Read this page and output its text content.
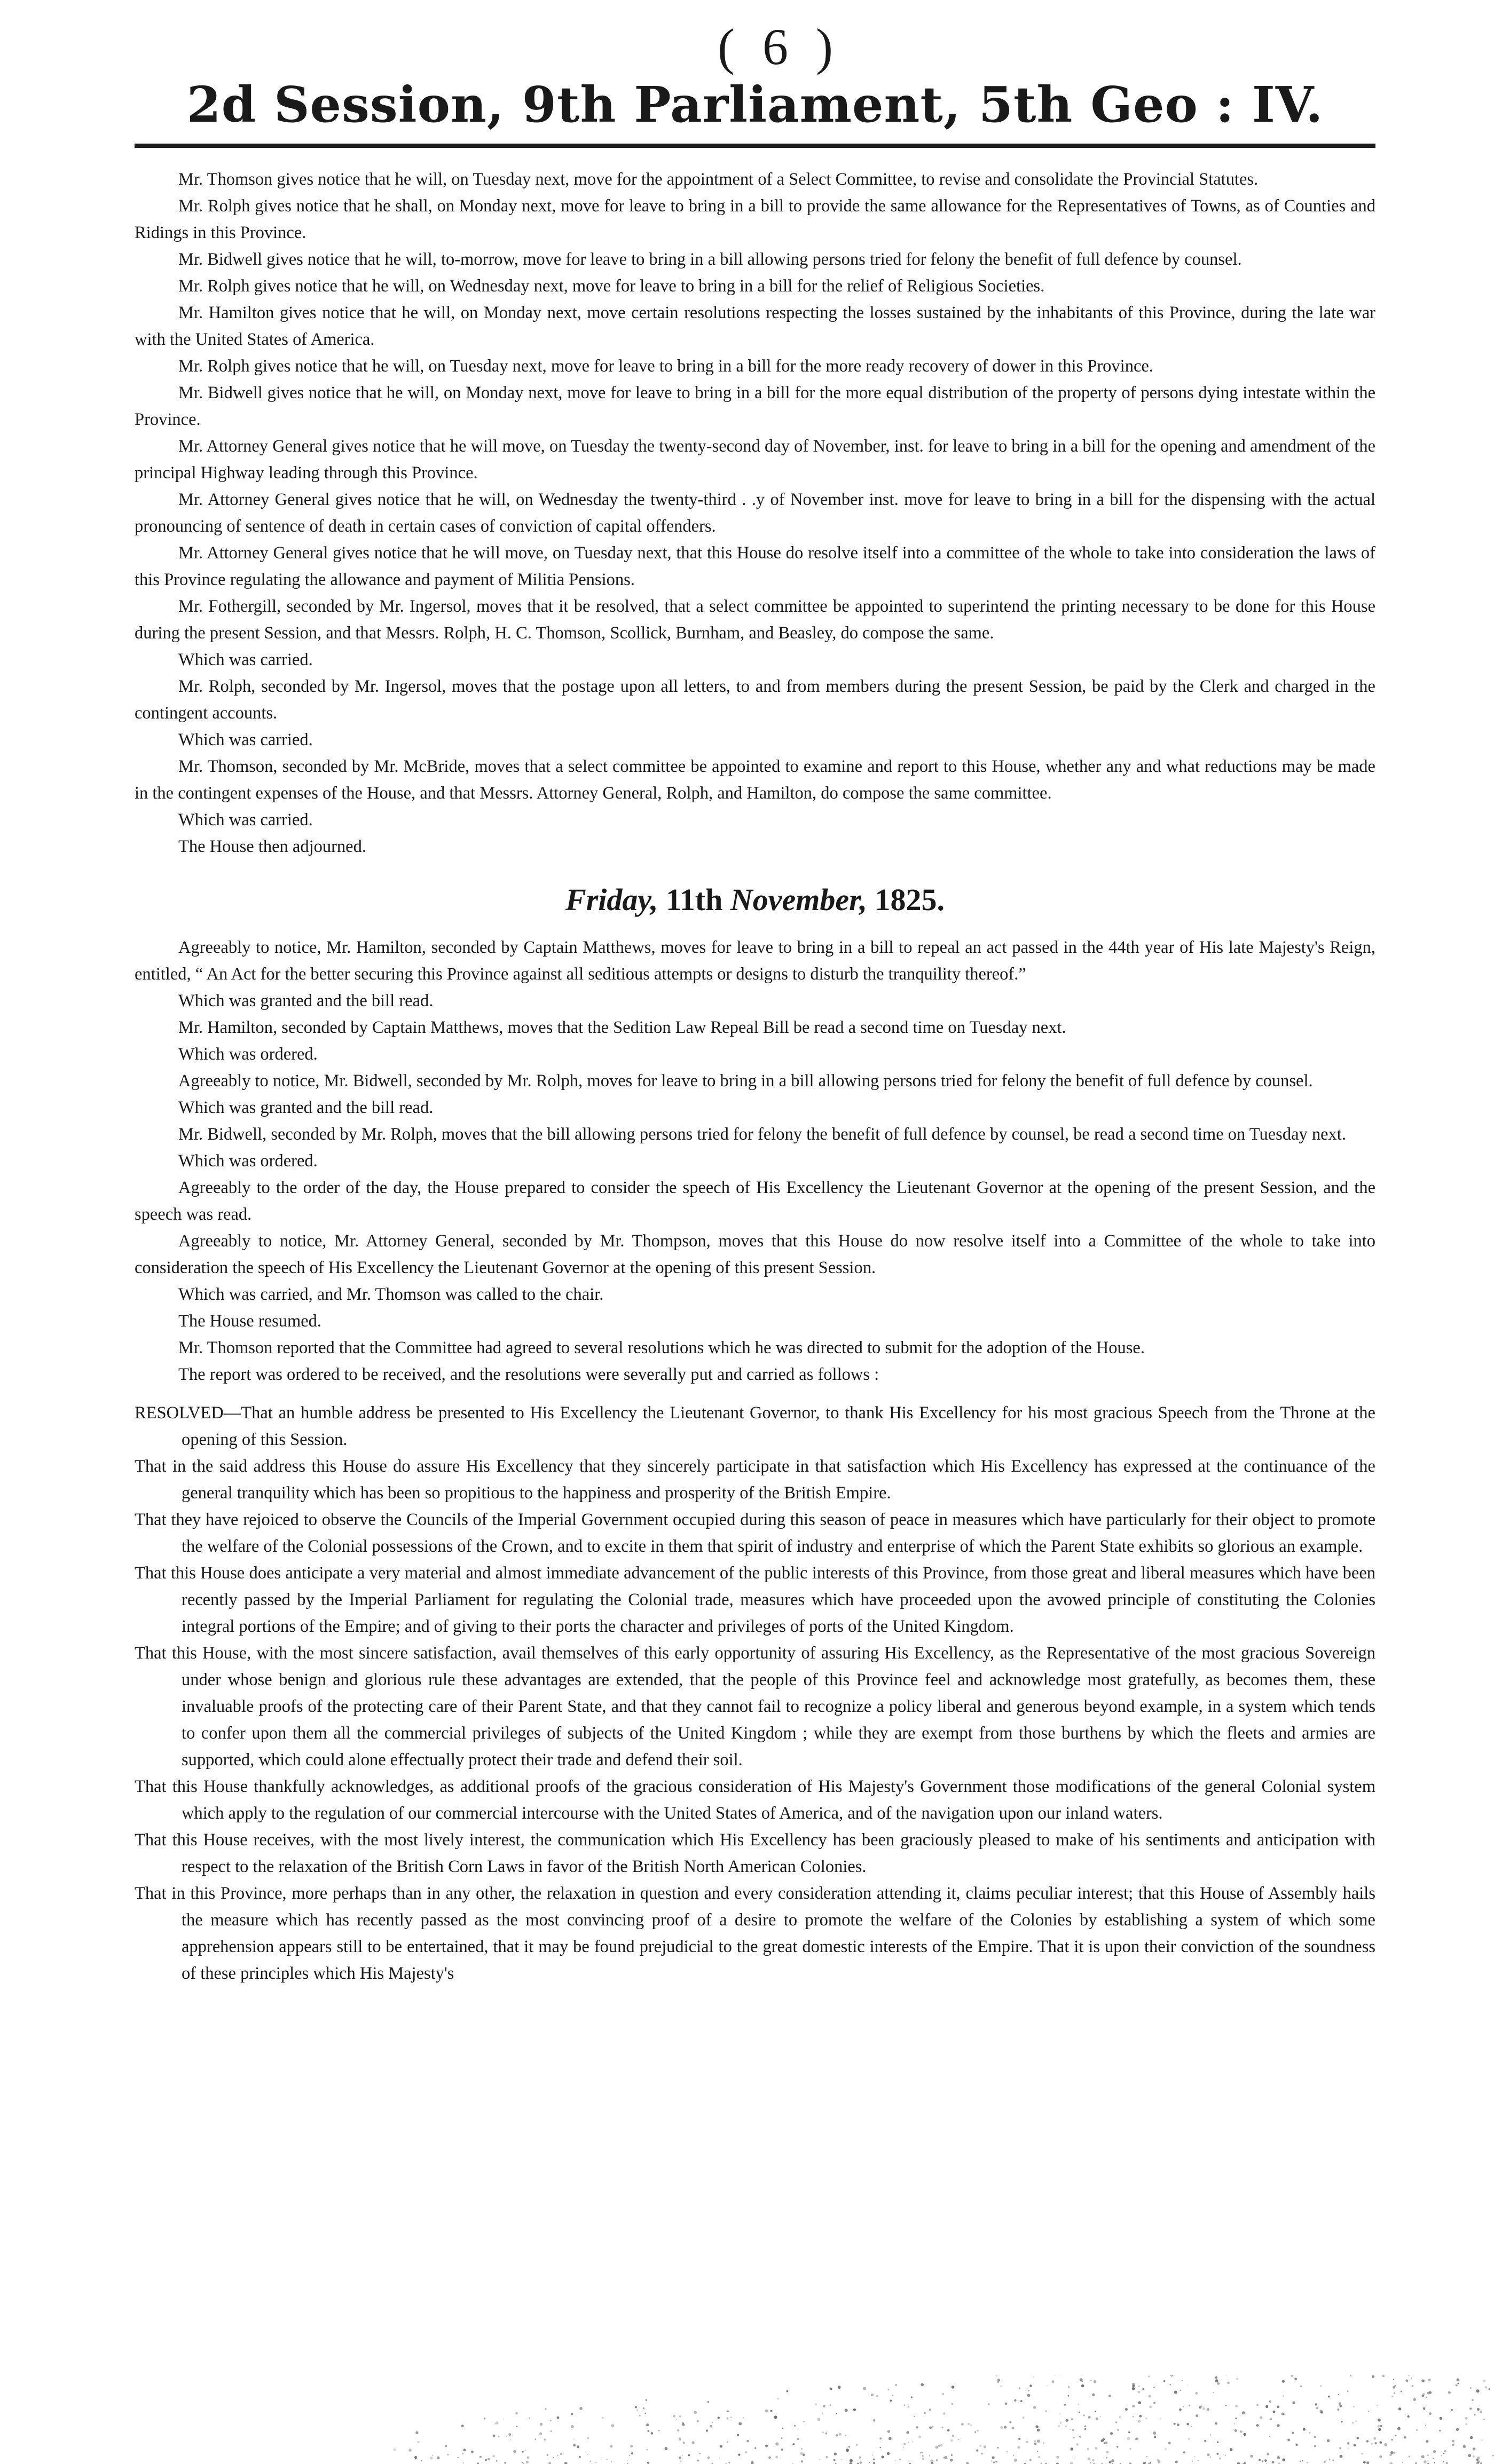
( 6 )
2d Session, 9th Parliament, 5th Geo : IV.

Mr. Thomson gives notice that he will, on Tuesday next, move for the appointment of a Select Committee, to revise and consolidate the Provincial Statutes.

Mr. Rolph gives notice that he shall, on Monday next, move for leave to bring in a bill to provide the same allowance for the Representatives of Towns, as of Counties and Ridings in this Province.

Mr. Bidwell gives notice that he will, to-morrow, move for leave to bring in a bill allowing persons tried for felony the benefit of full defence by counsel.

Mr. Rolph gives notice that he will, on Wednesday next, move for leave to bring in a bill for the relief of Religious Societies.

Mr. Hamilton gives notice that he will, on Monday next, move certain resolutions respecting the losses sustained by the inhabitants of this Province, during the late war with the United States of America.

Mr. Rolph gives notice that he will, on Tuesday next, move for leave to bring in a bill for the more ready recovery of dower in this Province.

Mr. Bidwell gives notice that he will, on Monday next, move for leave to bring in a bill for the more equal distribution of the property of persons dying intestate within the Province.

Mr. Attorney General gives notice that he will move, on Tuesday the twenty-second day of November, inst. for leave to bring in a bill for the opening and amendment of the principal Highway leading through this Province.

Mr. Attorney General gives notice that he will, on Wednesday the twenty-third . .y of November inst. move for leave to bring in a bill for the dispensing with the actual pronouncing of sentence of death in certain cases of conviction of capital offenders.

Mr. Attorney General gives notice that he will move, on Tuesday next, that this House do resolve itself into a committee of the whole to take into consideration the laws of this Province regulating the allowance and payment of Militia Pensions.

Mr. Fothergill, seconded by Mr. Ingersol, moves that it be resolved, that a select committee be appointed to superintend the printing necessary to be done for this House during the present Session, and that Messrs. Rolph, H. C. Thomson, Scollick, Burnham, and Beasley, do compose the same.

Which was carried.

Mr. Rolph, seconded by Mr. Ingersol, moves that the postage upon all letters, to and from members during the present Session, be paid by the Clerk and charged in the contingent accounts.

Which was carried.

Mr. Thomson, seconded by Mr. McBride, moves that a select committee be appointed to examine and report to this House, whether any and what reductions may be made in the contingent expenses of the House, and that Messrs. Attorney General, Rolph, and Hamilton, do compose the same committee.

Which was carried.

The House then adjourned.

Friday, 11th November, 1825.

Agreeably to notice, Mr. Hamilton, seconded by Captain Matthews, moves for leave to bring in a bill to repeal an act passed in the 44th year of His late Majesty's Reign, entitled, “ An Act for the better securing this Province against all seditious attempts or designs to disturb the tranquility thereof.”

Which was granted and the bill read.

Mr. Hamilton, seconded by Captain Matthews, moves that the Sedition Law Repeal Bill be read a second time on Tuesday next.

Which was ordered.

Agreeably to notice, Mr. Bidwell, seconded by Mr. Rolph, moves for leave to bring in a bill allowing persons tried for felony the benefit of full defence by counsel.

Which was granted and the bill read.

Mr. Bidwell, seconded by Mr. Rolph, moves that the bill allowing persons tried for felony the benefit of full defence by counsel, be read a second time on Tuesday next.

Which was ordered.

Agreeably to the order of the day, the House prepared to consider the speech of His Excellency the Lieutenant Governor at the opening of the present Session, and the speech was read.

Agreeably to notice, Mr. Attorney General, seconded by Mr. Thompson, moves that this House do now resolve itself into a Committee of the whole to take into consideration the speech of His Excellency the Lieutenant Governor at the opening of this present Session.

Which was carried, and Mr. Thomson was called to the chair.

The House resumed.

Mr. Thomson reported that the Committee had agreed to several resolutions which he was directed to submit for the adoption of the House.

The report was ordered to be received, and the resolutions were severally put and carried as follows :

RESOLVED—That an humble address be presented to His Excellency the Lieutenant Governor, to thank His Excellency for his most gracious Speech from the Throne at the opening of this Session.

That in the said address this House do assure His Excellency that they sincerely participate in that satisfaction which His Excellency has expressed at the continuance of the general tranquility which has been so propitious to the happiness and prosperity of the British Empire.

That they have rejoiced to observe the Councils of the Imperial Government occupied during this season of peace in measures which have particularly for their object to promote the welfare of the Colonial possessions of the Crown, and to excite in them that spirit of industry and enterprise of which the Parent State exhibits so glorious an example.

That this House does anticipate a very material and almost immediate advancement of the public interests of this Province, from those great and liberal measures which have been recently passed by the Imperial Parliament for regulating the Colonial trade, measures which have proceeded upon the avowed principle of constituting the Colonies integral portions of the Empire; and of giving to their ports the character and privileges of ports of the United Kingdom.

That this House, with the most sincere satisfaction, avail themselves of this early opportunity of assuring His Excellency, as the Representative of the most gracious Sovereign under whose benign and glorious rule these advantages are extended, that the people of this Province feel and acknowledge most gratefully, as becomes them, these invaluable proofs of the protecting care of their Parent State, and that they cannot fail to recognize a policy liberal and generous beyond example, in a system which tends to confer upon them all the commercial privileges of subjects of the United Kingdom ; while they are exempt from those burthens by which the fleets and armies are supported, which could alone effectually protect their trade and defend their soil.

That this House thankfully acknowledges, as additional proofs of the gracious consideration of His Majesty's Government those modifications of the general Colonial system which apply to the regulation of our commercial intercourse with the United States of America, and of the navigation upon our inland waters.

That this House receives, with the most lively interest, the communication which His Excellency has been graciously pleased to make of his sentiments and anticipation with respect to the relaxation of the British Corn Laws in favor of the British North American Colonies.

That in this Province, more perhaps than in any other, the relaxation in question and every consideration attending it, claims peculiar interest; that this House of Assembly hails the measure which has recently passed as the most convincing proof of a desire to promote the welfare of the Colonies by establishing a system of which some apprehension appears still to be entertained, that it may be found prejudicial to the great domestic interests of the Empire. That it is upon their conviction of the soundness of these principles which His Majesty's
